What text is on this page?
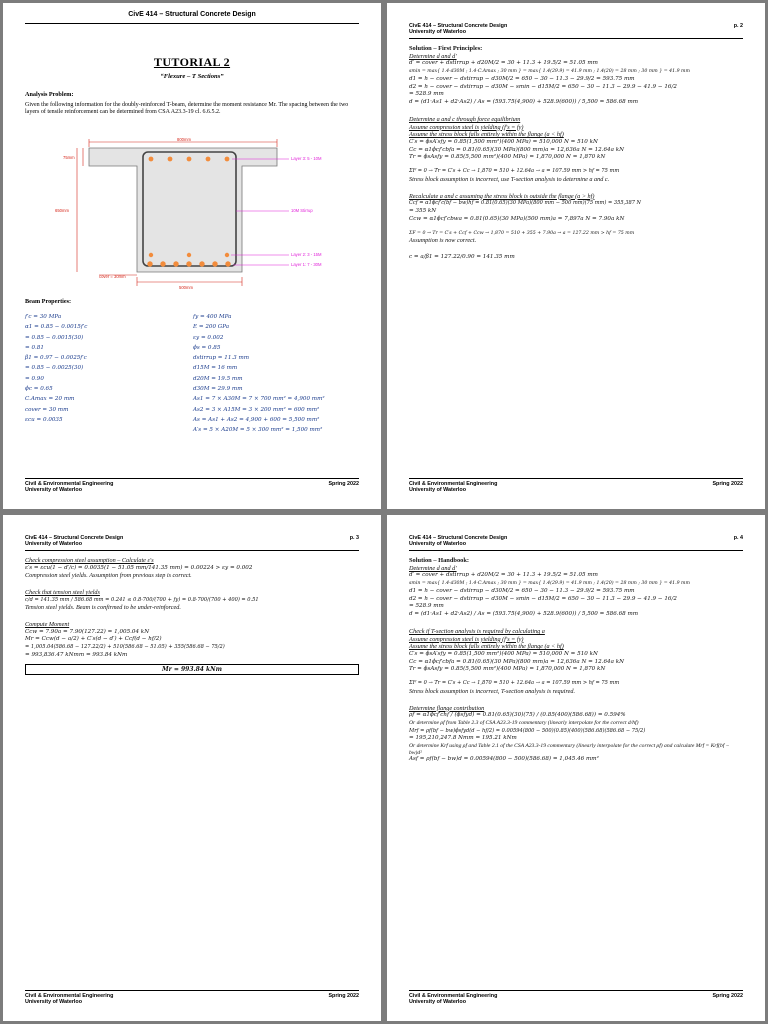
CivE 414 – Structural Concrete Design
TUTORIAL 2
“Flexure – T Sections”
Analysis Problem:
Given the following information for the doubly-reinforced T-beam, determine the moment resistance Mr. The spacing between the two layers of tensile reinforcement can be determined from CSA A23.3-19 cl. 6.6.5.2.
800mm
75mm
650mm
500mm
cover = 30mm
Layer 3: 5 - 10M
10M Stirrup
Layer 2: 3 - 15M
Layer 1: 7 - 30M
Beam Properties:
f′c = 30 MPa
α1 = 0.85 − 0.0015f′c
= 0.85 − 0.0015(30)
= 0.81
β1 = 0.97 − 0.0025f′c
= 0.85 − 0.0025(30)
= 0.90
ϕc = 0.65
C.Amax = 20 mm
cover = 30 mm
εcu = 0.0035
fy = 400 MPa
E = 200 GPa
εy = 0.002
ϕs = 0.85
dstirrup = 11.3 mm
d15M = 16 mm
d20M = 19.5 mm
d30M = 29.9 mm
As1 = 7 × A30M = 7 × 700 mm² = 4,900 mm²
As2 = 3 × A15M = 3 × 200 mm² = 600 mm²
As = As1 + As2 = 4,900 + 600 = 5,500 mm²
A′s = 5 × A20M = 5 × 300 mm² = 1,500 mm²
Civil & Environmental Engineering
University of Waterloo
Spring 2022
CivE 414 – Structural Concrete Design
University of Waterloo
p. 2
Solution – First Principles:
Determine d and d′
d′ = cover + dstirrup + d20M/2 = 30 + 11.3 + 19.5/2 = 51.05 mm
smin = max{ 1.4·d30M ; 1.4·C.Amax ; 30 mm } = max{ 1.4(29.9) = 41.9 mm ; 1.4(20) = 28 mm ; 30 mm } = 41.9 mm
d1 = h − cover − dstirrup − d30M/2 = 650 − 30 − 11.3 − 29.9/2 = 593.75 mm
d2 = h − cover − dstirrup − d30M − smin − d15M/2 = 650 − 30 − 11.3 − 29.9 − 41.9 − 16/2
= 528.9 mm
d = (d1·As1 + d2·As2) / As = (593.75(4,900) + 528.9(600)) / 5,500 = 586.68 mm
Determine a and c through force equilibrium
Assume compression steel is yielding (f′s = fy)
Assume the stress block falls entirely within the flange (a < hf)
C′s = ϕsA′sfy = 0.85(1,500 mm²)(400 MPa) = 510,000 N = 510 kN
Cc = α1ϕcf′cbfa = 0.81(0.65)(30 MPa)(800 mm)a = 12,636a N = 12.64a kN
Tr = ϕsAsfy = 0.85(5,500 mm²)(400 MPa) = 1,870,000 N = 1,870 kN
ΣF = 0 → Tr = C′s + Cc → 1,870 = 510 + 12.64a → a = 107.59 mm > hf = 75 mm
Stress block assumption is incorrect, use T-section analysis to determine a and c.
Recalculate a and c assuming the stress block is outside the flange (a > hf)
Ccf = α1ϕcf′c(bf − bw)hf = 0.81(0.65)(30 MPa)(800 mm − 500 mm)(75 mm) = 355,387 N
= 355 kN
Ccw = α1ϕcf′cbwa = 0.81(0.65)(30 MPa)(500 mm)a = 7,897a N = 7.90a kN
ΣF = 0 → Tr = C′s + Ccf + Ccw → 1,870 = 510 + 355 + 7.90a → a = 127.22 mm > hf = 75 mm
Assumption is now correct.
c = a/β1 = 127.22/0.90 = 141.35 mm
Civil & Environmental Engineering
University of Waterloo
Spring 2022
CivE 414 – Structural Concrete Design
University of Waterloo
p. 3
Check compression steel assumption – Calculate ε′s
ε′s = εcu(1 − d′/c) = 0.0035(1 − 51.05 mm/141.35 mm) = 0.00224 > εy = 0.002
Compression steel yields. Assumption from previous step is correct.
Check that tension steel yields
c/d = 141.35 mm / 586.68 mm = 0.241 ≤ 0.8·700/(700 + fy) = 0.8·700/(700 + 400) = 0.51
Tension steel yields. Beam is confirmed to be under-reinforced.
Compute Moment
Ccw = 7.90a = 7.90(127.22) = 1,005.04 kN
Mr = Ccw(d − a/2) + C′s(d − d′) + Ccf(d − hf/2)
= 1,005.04(586.68 − 127.22/2) + 510(586.68 − 51.05) + 355(586.68 − 75/2)
= 993,836.47 kNmm = 993.84 kNm
Mr = 993.84 kNm
Civil & Environmental Engineering
University of Waterloo
Spring 2022
CivE 414 – Structural Concrete Design
University of Waterloo
p. 4
Solution – Handbook:
Determine d and d′
d′ = cover + dstirrup + d20M/2 = 30 + 11.3 + 19.5/2 = 51.05 mm
smin = max{ 1.4·d30M ; 1.4·C.Amax ; 30 mm } = max{ 1.4(29.9) = 41.9 mm ; 1.4(20) = 28 mm ; 30 mm } = 41.9 mm
d1 = h − cover − dstirrup − d30M/2 = 650 − 30 − 11.3 − 29.9/2 = 593.75 mm
d2 = h − cover − dstirrup − d30M − smin − d15M/2 = 650 − 30 − 11.3 − 29.9 − 41.9 − 16/2
= 528.9 mm
d = (d1·As1 + d2·As2) / As = (593.75(4,900) + 528.9(600)) / 5,500 = 586.68 mm
Check if T-section analysis is required by calculating a
Assume compression steel is yielding (f′s = fy)
Assume the stress block falls entirely within the flange (a < hf)
C′s = ϕsA′sfy = 0.85(1,500 mm²)(400 MPa) = 510,000 N = 510 kN
Cc = α1ϕcf′cbfa = 0.81(0.65)(30 MPa)(800 mm)a = 12,636a N = 12.64a kN
Tr = ϕsAsfy = 0.85(5,500 mm²)(400 MPa) = 1,870,000 N = 1,870 kN
ΣF = 0 → Tr = C′s + Cc → 1,870 = 510 + 12.64a → a = 107.59 mm > hf = 75 mm
Stress block assumption is incorrect, T-section analysis is required.
Determine flange contribution
ρf = α1ϕcf′chf / (ϕsfyd) = 0.81(0.65)(30)(75) / (0.85(400)(586.68)) = 0.594%
Or determine ρf from Table 2.3 of CSA A23.3-19 commentary (linearly interpolate for the correct d/hf)
Mrf = ρf(bf − bw)ϕsfyd(d − hf/2) = 0.00594(800 − 500)(0.85)(400)(586.68)(586.68 − 75/2)
= 195,210,247.8 Nmm = 195.21 kNm
Or determine Krf using ρf and Table 2.1 of the CSA A23.3-19 commentary (linearly interpolate for the correct ρf) and calculate Mrf = Krf(bf − bw)d²
Asf = ρf(bf − bw)d = 0.00594(800 − 500)(586.68) = 1,045.46 mm²
Civil & Environmental Engineering
University of Waterloo
Spring 2022
